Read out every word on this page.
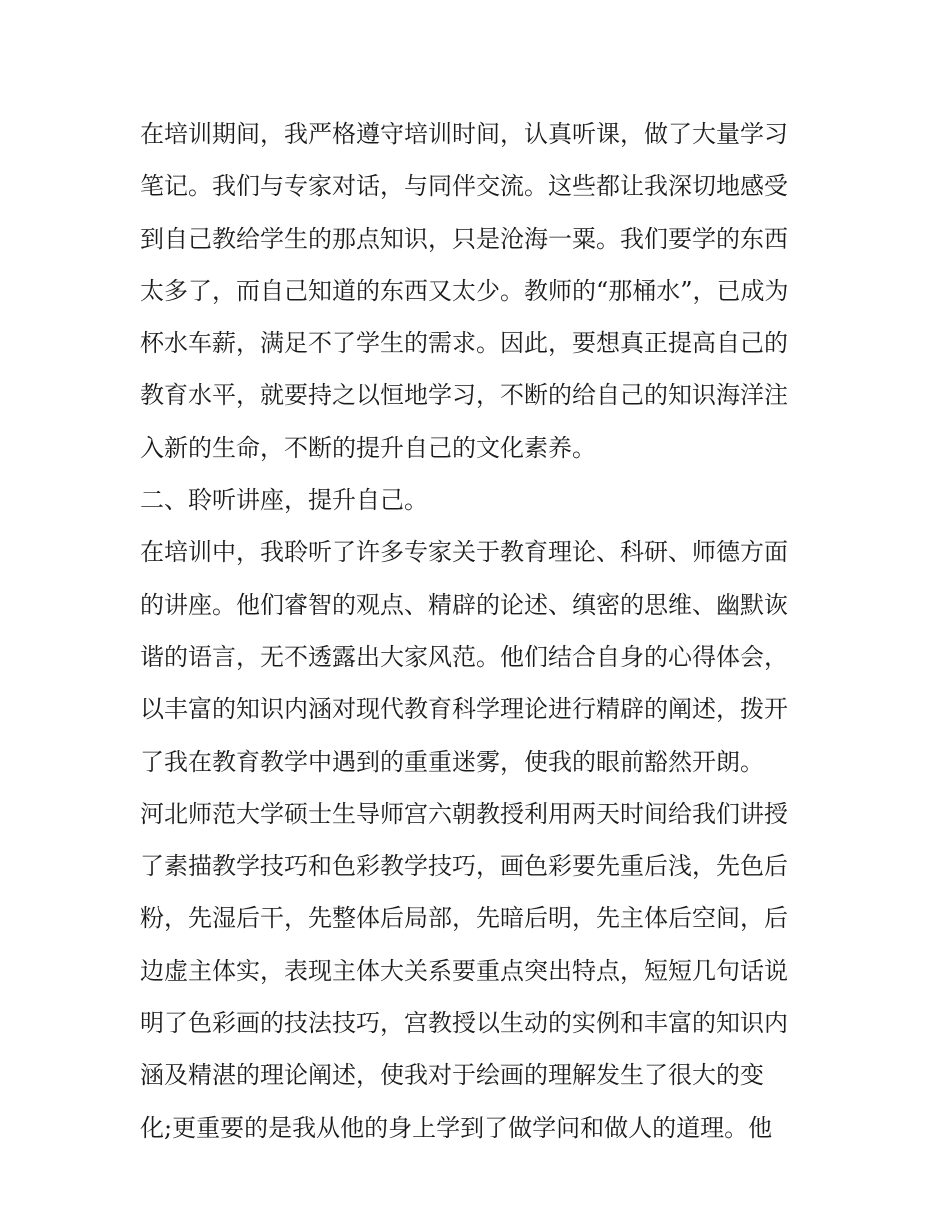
在培训期间，我严格遵守培训时间，认真听课，做了大量学习
笔记。我们与专家对话，与同伴交流。这些都让我深切地感受
到自己教给学生的那点知识，只是沧海一粟。我们要学的东西
太多了，而自己知道的东西又太少。教师的“那桶水”，已成为
杯水车薪，满足不了学生的需求。因此，要想真正提高自己的
教育水平，就要持之以恒地学习，不断的给自己的知识海洋注
入新的生命，不断的提升自己的文化素养。
二、聆听讲座，提升自己。
在培训中，我聆听了许多专家关于教育理论、科研、师德方面
的讲座。他们睿智的观点、精辟的论述、缜密的思维、幽默诙
谐的语言，无不透露出大家风范。他们结合自身的心得体会，
以丰富的知识内涵对现代教育科学理论进行精辟的阐述，拨开
了我在教育教学中遇到的重重迷雾，使我的眼前豁然开朗。
河北师范大学硕士生导师宫六朝教授利用两天时间给我们讲授
了素描教学技巧和色彩教学技巧，画色彩要先重后浅，先色后
粉，先湿后干，先整体后局部，先暗后明，先主体后空间，后
边虚主体实，表现主体大关系要重点突出特点，短短几句话说
明了色彩画的技法技巧，宫教授以生动的实例和丰富的知识内
涵及精湛的理论阐述，使我对于绘画的理解发生了很大的变
化;更重要的是我从他的身上学到了做学问和做人的道理。他
